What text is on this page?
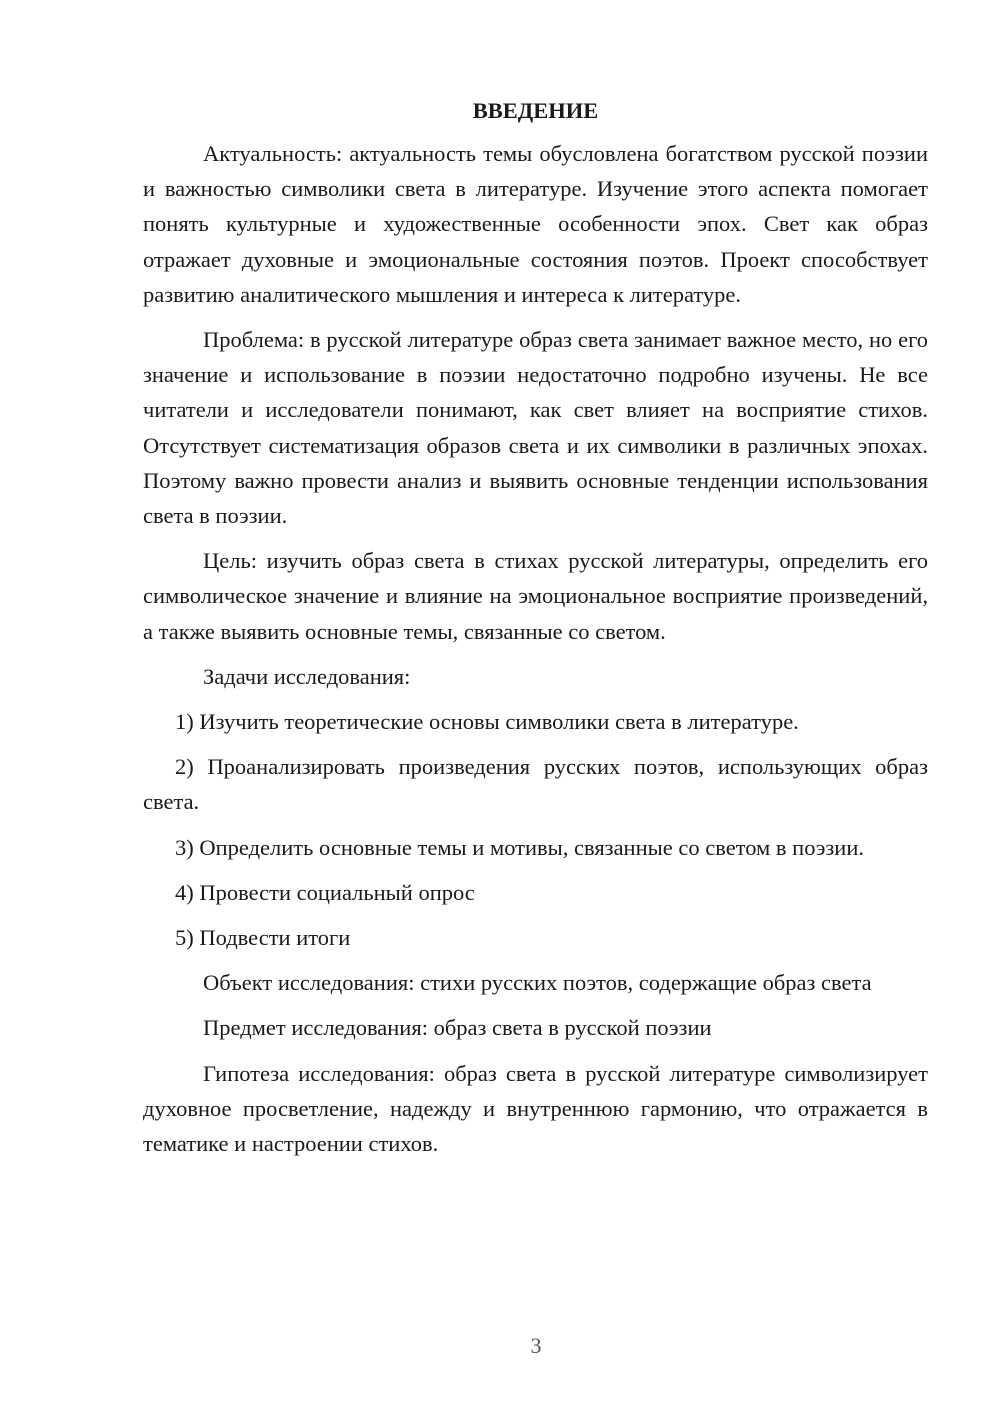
ВВЕДЕНИЕ

Актуальность: актуальность темы обусловлена богатством русской поэзии и важностью символики света в литературе. Изучение этого аспекта помогает понять культурные и художественные особенности эпох. Свет как образ отражает духовные и эмоциональные состояния поэтов. Проект способствует развитию аналитического мышления и интереса к литературе.

Проблема: в русской литературе образ света занимает важное место, но его значение и использование в поэзии недостаточно подробно изучены. Не все читатели и исследователи понимают, как свет влияет на восприятие стихов. Отсутствует систематизация образов света и их символики в различных эпохах. Поэтому важно провести анализ и выявить основные тенденции использования света в поэзии.

Цель: изучить образ света в стихах русской литературы, определить его символическое значение и влияние на эмоциональное восприятие произведений, а также выявить основные темы, связанные со светом.

Задачи исследования:

1) Изучить теоретические основы символики света в литературе.

2) Проанализировать произведения русских поэтов, использующих образ света.

3) Определить основные темы и мотивы, связанные со светом в поэзии.

4) Провести социальный опрос

5) Подвести итоги

Объект исследования: стихи русских поэтов, содержащие образ света

Предмет исследования: образ света в русской поэзии

Гипотеза исследования: образ света в русской литературе символизирует духовное просветление, надежду и внутреннюю гармонию, что отражается в тематике и настроении стихов.

3
